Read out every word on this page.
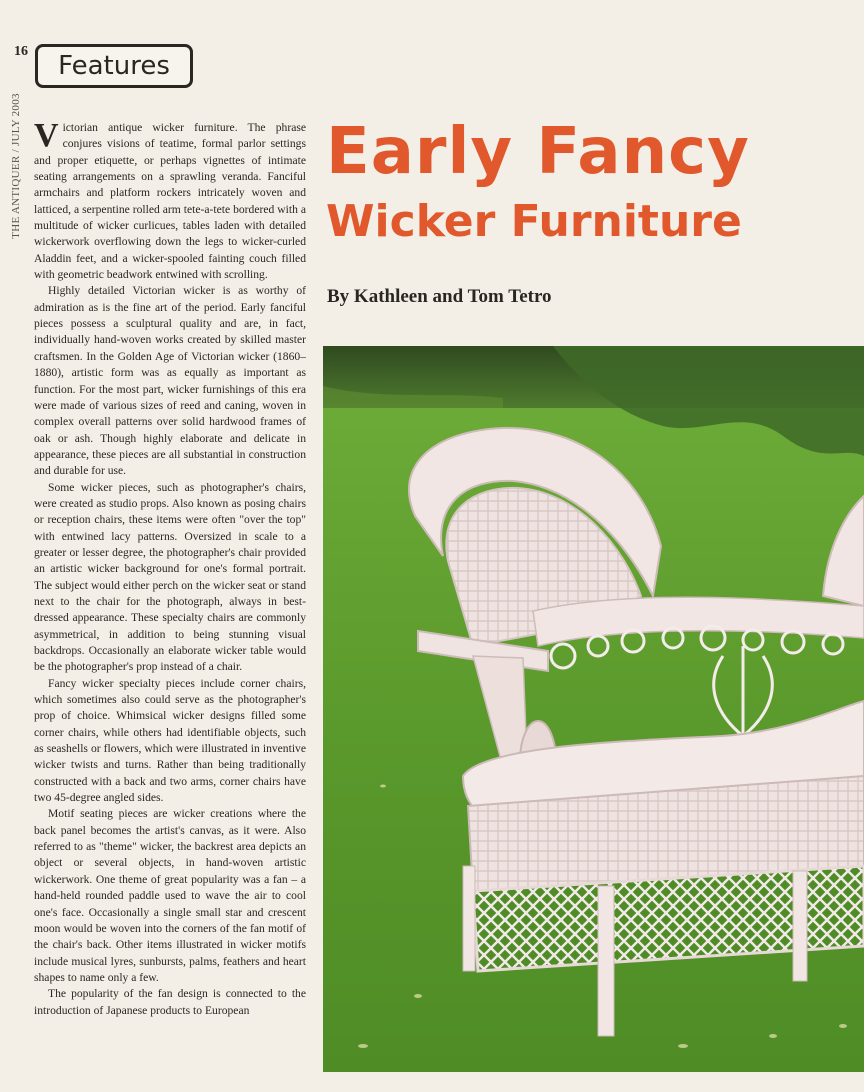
16
THE ANTIQUER / JULY 2003
Features
Early Fancy
Wicker Furniture
By Kathleen and Tom Tetro

Victorian antique wicker furniture. The phrase conjures visions of teatime, formal parlor settings and proper etiquette, or perhaps vignettes of intimate seating arrangements on a sprawling veranda. Fanciful armchairs and platform rockers intricately woven and latticed, a serpentine rolled arm tete-a-tete bordered with a multitude of wicker curlicues, tables laden with detailed wickerwork overflowing down the legs to wicker-curled Aladdin feet, and a wicker-spooled fainting couch filled with geometric beadwork entwined with scrolling.

Highly detailed Victorian wicker is as worthy of admiration as is the fine art of the period. Early fanciful pieces possess a sculptural quality and are, in fact, individually hand-woven works created by skilled master craftsmen. In the Golden Age of Victorian wicker (1860–1880), artistic form was as equally as important as function. For the most part, wicker furnishings of this era were made of various sizes of reed and caning, woven in complex overall patterns over solid hardwood frames of oak or ash. Though highly elaborate and delicate in appearance, these pieces are all substantial in construction and durable for use.

Some wicker pieces, such as photographer's chairs, were created as studio props. Also known as posing chairs or reception chairs, these items were often "over the top" with entwined lacy patterns. Oversized in scale to a greater or lesser degree, the photographer's chair provided an artistic wicker background for one's formal portrait. The subject would either perch on the wicker seat or stand next to the chair for the photograph, always in best-dressed appearance. These specialty chairs are commonly asymmetrical, in addition to being stunning visual backdrops. Occasionally an elaborate wicker table would be the photographer's prop instead of a chair.

Fancy wicker specialty pieces include corner chairs, which sometimes also could serve as the photographer's prop of choice. Whimsical wicker designs filled some corner chairs, while others had identifiable objects, such as seashells or flowers, which were illustrated in inventive wicker twists and turns. Rather than being traditionally constructed with a back and two arms, corner chairs have two 45-degree angled sides.

Motif seating pieces are wicker creations where the back panel becomes the artist's canvas, as it were. Also referred to as "theme" wicker, the backrest area depicts an object or several objects, in hand-woven artistic wickerwork. One theme of great popularity was a fan – a hand-held rounded paddle used to wave the air to cool one's face. Occasionally a single small star and crescent moon would be woven into the corners of the fan motif of the chair's back. Other items illustrated in wicker motifs include musical lyres, sunbursts, palms, feathers and heart shapes to name only a few.

The popularity of the fan design is connected to the introduction of Japanese products to European
